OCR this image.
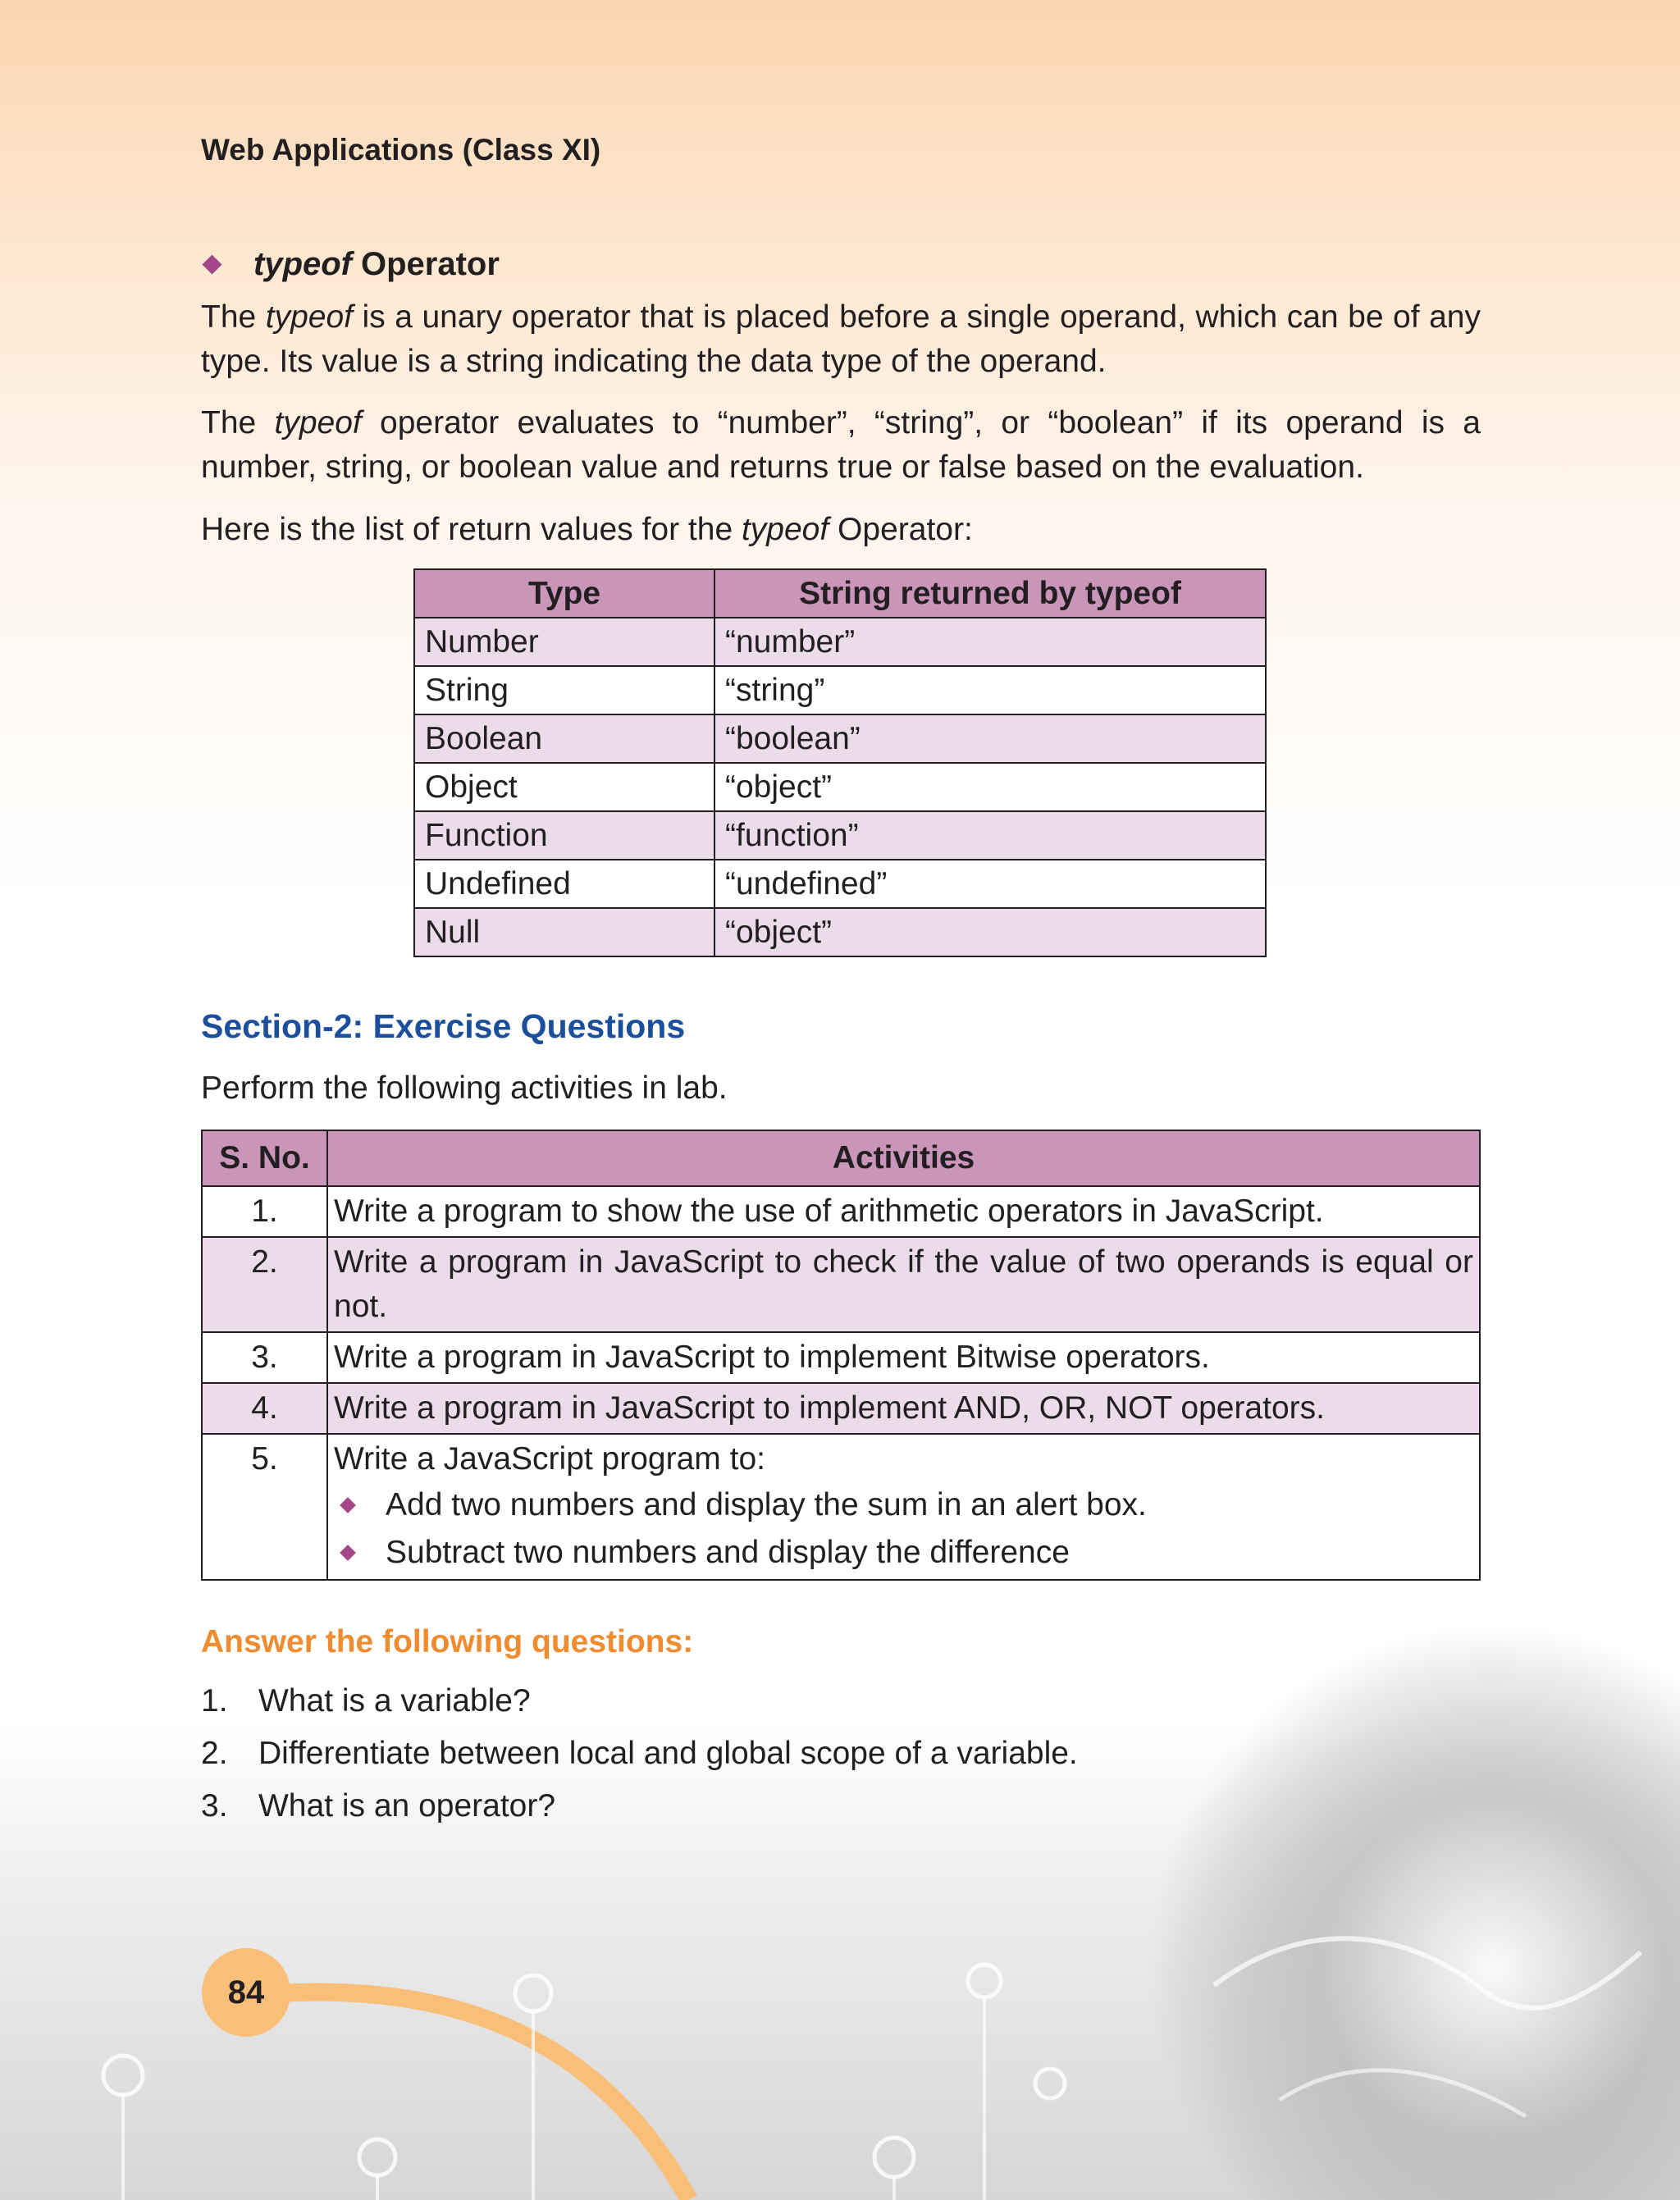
Web Applications (Class XI)
typeof Operator

The typeof is a unary operator that is placed before a single operand, which can be of any type. Its value is a string indicating the data type of the operand.

The typeof operator evaluates to “number”, “string”, or “boolean” if its operand is a number, string, or boolean value and returns true or false based on the evaluation.

Here is the list of return values for the typeof Operator:

Type	String returned by typeof
Number	“number”
String	“string”
Boolean	“boolean”
Object	“object”
Function	“function”
Undefined	“undefined”
Null	“object”
Section-2: Exercise Questions
Perform the following activities in lab.
S. No.	Activities
1.	Write a program to show the use of arithmetic operators in JavaScript.
2.	Write a program in JavaScript to check if the value of two operands is equal or not.
3.	Write a program in JavaScript to implement Bitwise operators.
4.	Write a program in JavaScript to implement AND, OR, NOT operators.
5.	Write a JavaScript program to:
Add two numbers and display the sum in an alert box.
Subtract two numbers and display the difference
Answer the following questions:
1. What is a variable?
2. Differentiate between local and global scope of a variable.
3. What is an operator?
84
